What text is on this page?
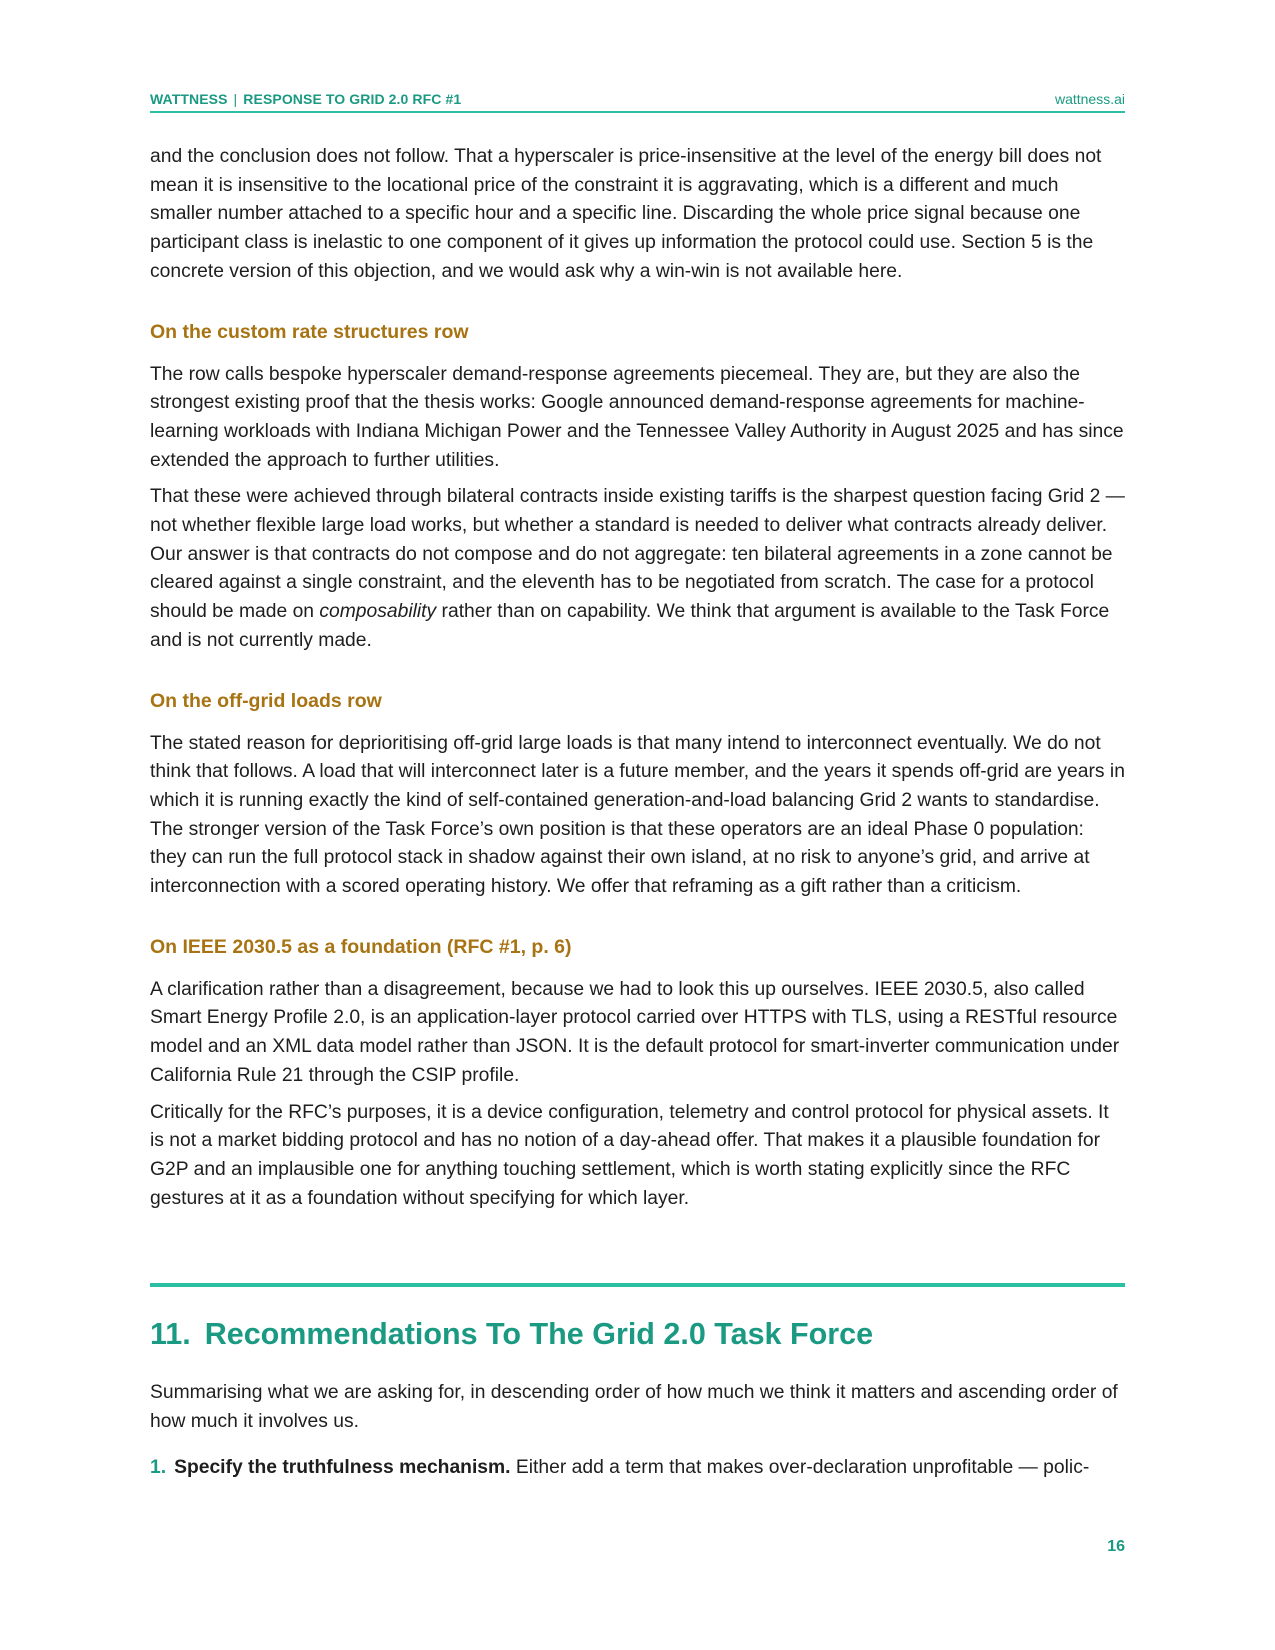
WATTNESS | RESPONSE TO GRID 2.0 RFC #1	wattness.ai

and the conclusion does not follow. That a hyperscaler is price-insensitive at the level of the energy bill does not mean it is insensitive to the locational price of the constraint it is aggravating, which is a different and much smaller number attached to a specific hour and a specific line. Discarding the whole price signal because one participant class is inelastic to one component of it gives up information the protocol could use. Section 5 is the concrete version of this objection, and we would ask why a win-win is not available here.

On the custom rate structures row

The row calls bespoke hyperscaler demand-response agreements piecemeal. They are, but they are also the strongest existing proof that the thesis works: Google announced demand-response agreements for machine-learning workloads with Indiana Michigan Power and the Tennessee Valley Authority in August 2025 and has since extended the approach to further utilities.

That these were achieved through bilateral contracts inside existing tariffs is the sharpest question facing Grid 2 — not whether flexible large load works, but whether a standard is needed to deliver what contracts already deliver. Our answer is that contracts do not compose and do not aggregate: ten bilateral agreements in a zone cannot be cleared against a single constraint, and the eleventh has to be negotiated from scratch. The case for a protocol should be made on composability rather than on capability. We think that argument is available to the Task Force and is not currently made.

On the off-grid loads row

The stated reason for deprioritising off-grid large loads is that many intend to interconnect eventually. We do not think that follows. A load that will interconnect later is a future member, and the years it spends off-grid are years in which it is running exactly the kind of self-contained generation-and-load balancing Grid 2 wants to standardise. The stronger version of the Task Force’s own position is that these operators are an ideal Phase 0 population: they can run the full protocol stack in shadow against their own island, at no risk to anyone’s grid, and arrive at interconnection with a scored operating history. We offer that reframing as a gift rather than a criticism.

On IEEE 2030.5 as a foundation (RFC #1, p. 6)

A clarification rather than a disagreement, because we had to look this up ourselves. IEEE 2030.5, also called Smart Energy Profile 2.0, is an application-layer protocol carried over HTTPS with TLS, using a RESTful resource model and an XML data model rather than JSON. It is the default protocol for smart-inverter communication under California Rule 21 through the CSIP profile.

Critically for the RFC’s purposes, it is a device configuration, telemetry and control protocol for physical assets. It is not a market bidding protocol and has no notion of a day-ahead offer. That makes it a plausible foundation for G2P and an implausible one for anything touching settlement, which is worth stating explicitly since the RFC gestures at it as a foundation without specifying for which layer.

11. Recommendations To The Grid 2.0 Task Force

Summarising what we are asking for, in descending order of how much we think it matters and ascending order of how much it involves us.

1. Specify the truthfulness mechanism. Either add a term that makes over-declaration unprofitable — polic-
16
